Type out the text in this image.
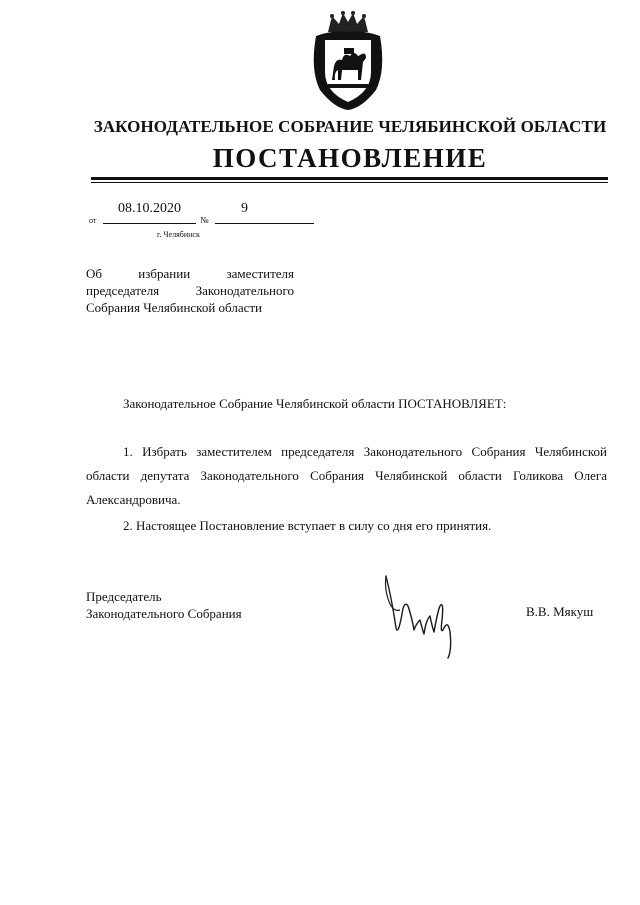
ЗАКОНОДАТЕЛЬНОЕ СОБРАНИЕ ЧЕЛЯБИНСКОЙ ОБЛАСТИ
ПОСТАНОВЛЕНИЕ
от
08.10.2020
№
9
г. Челябинск
Об избрании заместителя председателя Законодательного Собрания Челябинской области
Законодательное Собрание Челябинской области ПОСТАНОВЛЯЕТ:
1. Избрать заместителем председателя Законодательного Собрания Челябинской области депутата Законодательного Собрания Челябинской области Голикова Олега Александровича.
2. Настоящее Постановление вступает в силу со дня его принятия.
Председатель
Законодательного Собрания	В.В. Мякуш
